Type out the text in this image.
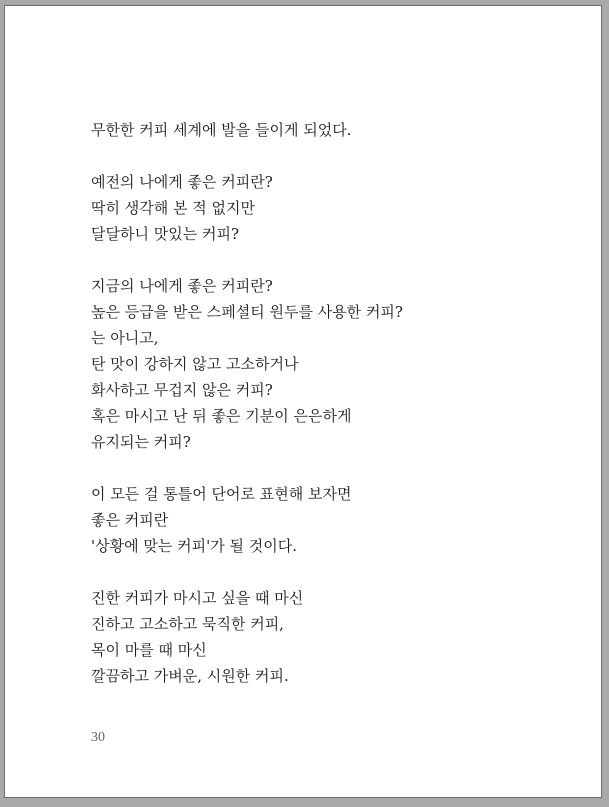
무한한 커피 세계에 발을 들이게 되었다.
예전의 나에게 좋은 커피란?
딱히 생각해 본 적 없지만
달달하니 맛있는 커피?
지금의 나에게 좋은 커피란?
높은 등급을 받은 스페셜티 원두를 사용한 커피?
는 아니고,
탄 맛이 강하지 않고 고소하거나
화사하고 무겁지 않은 커피?
혹은 마시고 난 뒤 좋은 기분이 은은하게
유지되는 커피?
이 모든 걸 통틀어 단어로 표현해 보자면
좋은 커피란
'상황에 맞는 커피'가 될 것이다.
진한 커피가 마시고 싶을 때 마신
진하고 고소하고 묵직한 커피,
목이 마를 때 마신
깔끔하고 가벼운, 시원한 커피.
30
